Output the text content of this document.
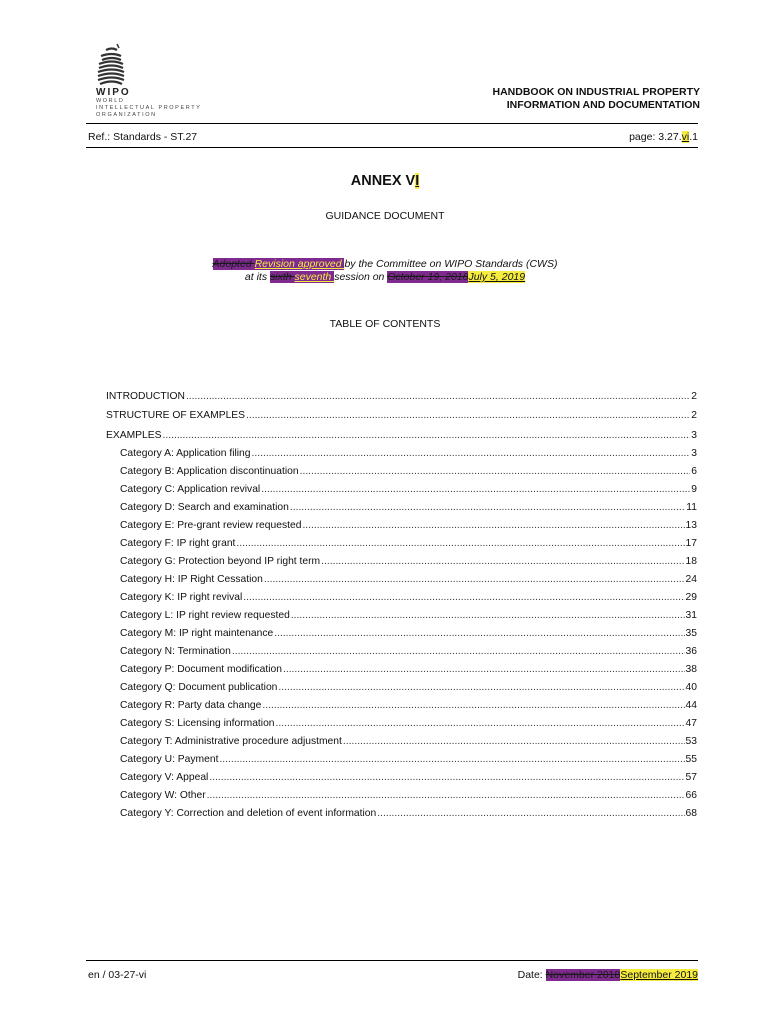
WIPO
WORLD
INTELLECTUAL PROPERTY
ORGANIZATION
HANDBOOK ON INDUSTRIAL PROPERTY
INFORMATION AND DOCUMENTATION
Ref.: Standards - ST.27	page: 3.27.vi.1
ANNEX VI
GUIDANCE DOCUMENT
Adopted Revision approved by the Committee on WIPO Standards (CWS)
at its sixth seventh session on October 19, 2018July 5, 2019
TABLE OF CONTENTS
INTRODUCTION .....	2
STRUCTURE OF EXAMPLES .....	2
EXAMPLES .....	3
Category A: Application filing .....	3
Category B: Application discontinuation .....	6
Category C: Application revival .....	9
Category D: Search and examination .....	11
Category E: Pre-grant review requested .....	13
Category F: IP right grant .....	17
Category G: Protection beyond IP right term .....	18
Category H: IP Right Cessation .....	24
Category K: IP right revival .....	29
Category L: IP right review requested .....	31
Category M: IP right maintenance .....	35
Category N: Termination .....	36
Category P: Document modification .....	38
Category Q: Document publication .....	40
Category R: Party data change .....	44
Category S: Licensing information .....	47
Category T: Administrative procedure adjustment .....	53
Category U: Payment .....	55
Category V: Appeal .....	57
Category W: Other .....	66
Category Y: Correction and deletion of event information .....	68
en / 03-27-vi	Date: November 2018September 2019
